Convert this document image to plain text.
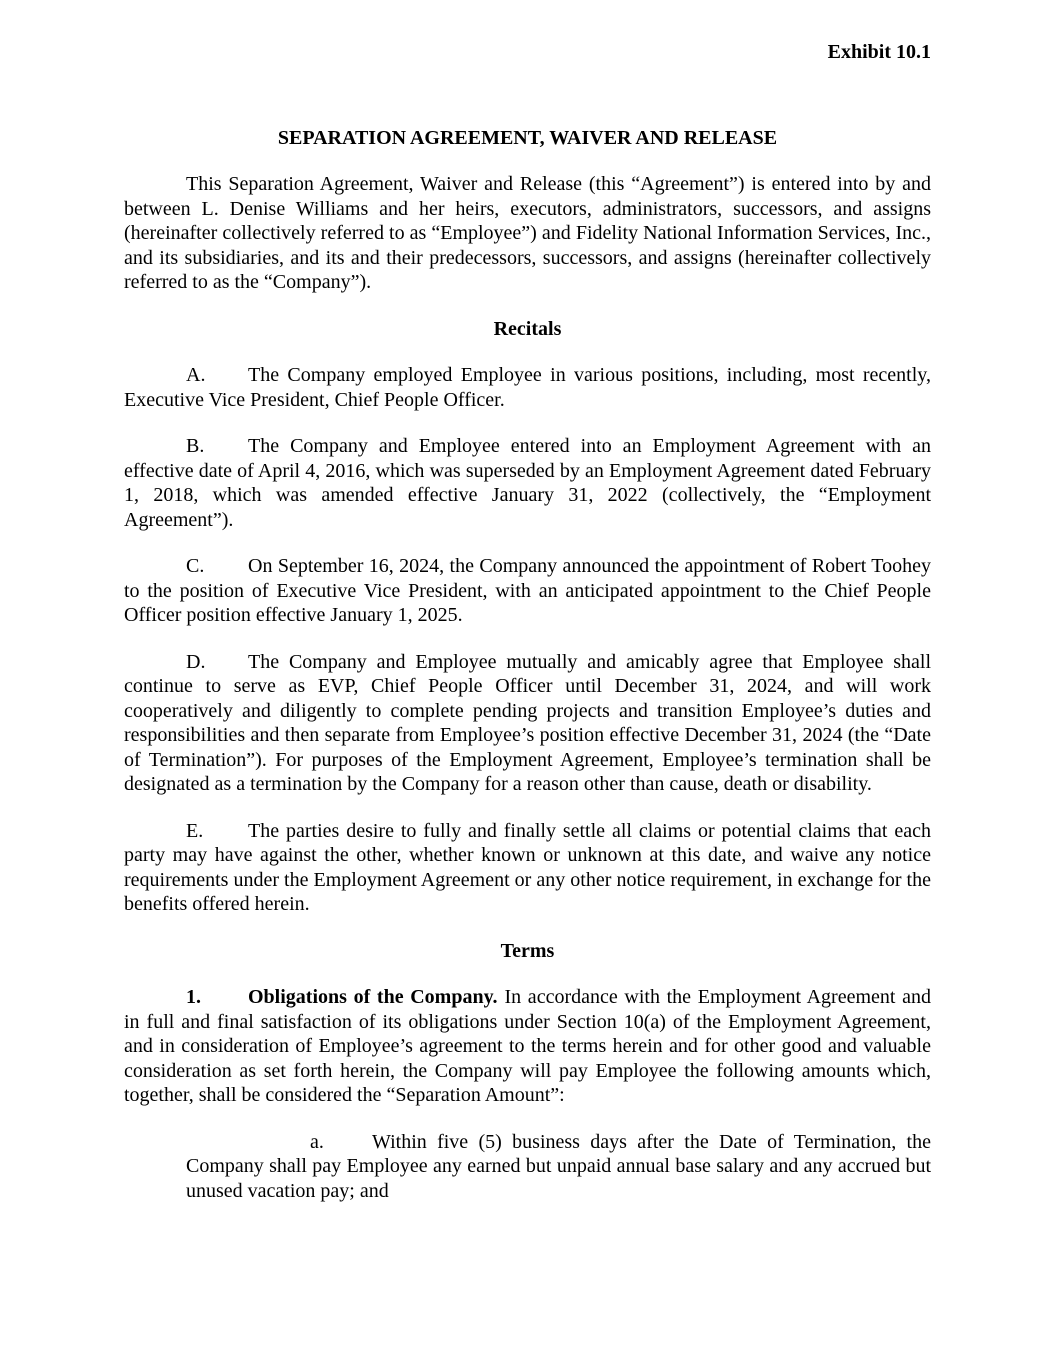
Exhibit 10.1
SEPARATION AGREEMENT, WAIVER AND RELEASE

This Separation Agreement, Waiver and Release (this “Agreement”) is entered into by and between L. Denise Williams and her heirs, executors, administrators, successors, and assigns (hereinafter collectively referred to as “Employee”) and Fidelity National Information Services, Inc., and its subsidiaries, and its and their predecessors, successors, and assigns (hereinafter collectively referred to as the “Company”).

Recitals

A. The Company employed Employee in various positions, including, most recently, Executive Vice President, Chief People Officer.

B. The Company and Employee entered into an Employment Agreement with an effective date of April 4, 2016, which was superseded by an Employment Agreement dated February 1, 2018, which was amended effective January 31, 2022 (collectively, the “Employment Agreement”).

C. On September 16, 2024, the Company announced the appointment of Robert Toohey to the position of Executive Vice President, with an anticipated appointment to the Chief People Officer position effective January 1, 2025.

D. The Company and Employee mutually and amicably agree that Employee shall continue to serve as EVP, Chief People Officer until December 31, 2024, and will work cooperatively and diligently to complete pending projects and transition Employee’s duties and responsibilities and then separate from Employee’s position effective December 31, 2024 (the “Date of Termination”). For purposes of the Employment Agreement, Employee’s termination shall be designated as a termination by the Company for a reason other than cause, death or disability.

E. The parties desire to fully and finally settle all claims or potential claims that each party may have against the other, whether known or unknown at this date, and waive any notice requirements under the Employment Agreement or any other notice requirement, in exchange for the benefits offered herein.

Terms

1. Obligations of the Company. In accordance with the Employment Agreement and in full and final satisfaction of its obligations under Section 10(a) of the Employment Agreement, and in consideration of Employee’s agreement to the terms herein and for other good and valuable consideration as set forth herein, the Company will pay Employee the following amounts which, together, shall be considered the “Separation Amount”:

a. Within five (5) business days after the Date of Termination, the Company shall pay Employee any earned but unpaid annual base salary and any accrued but unused vacation pay; and
